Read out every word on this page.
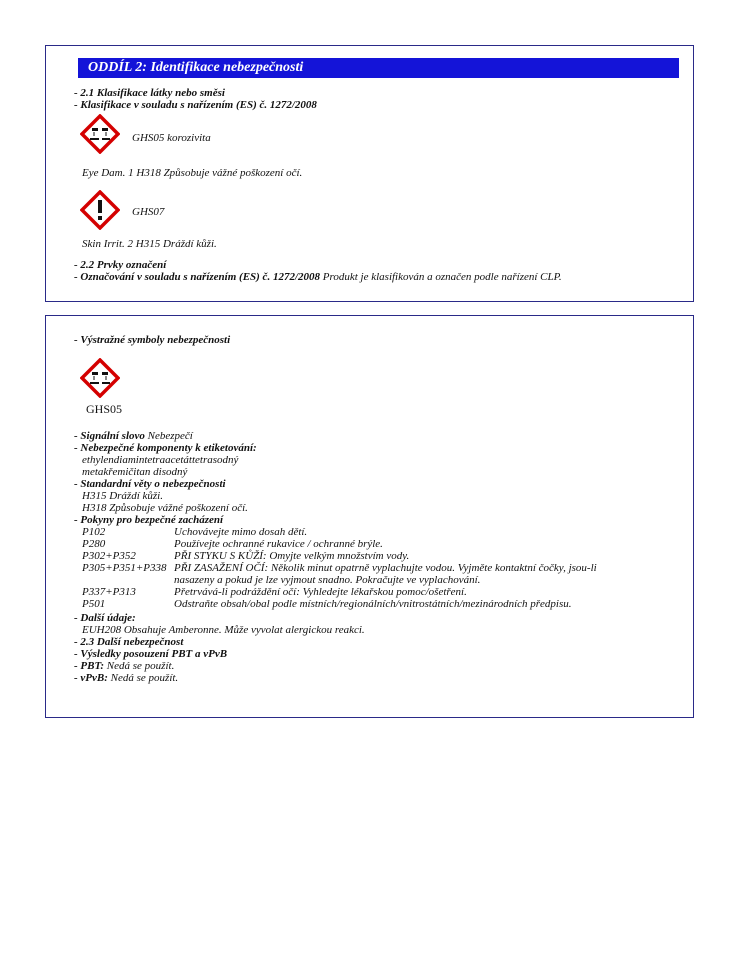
ODDÍL 2: Identifikace nebezpečnosti
- 2.1 Klasifikace látky nebo směsi
- Klasifikace v souladu s nařízením (ES) č. 1272/2008
GHS05 korozivita
Eye Dam. 1 H318 Způsobuje vážné poškození očí.
GHS07
Skin Irrit. 2 H315 Dráždí kůži.
- 2.2 Prvky označení
- Označování v souladu s nařízením (ES) č. 1272/2008 Produkt je klasifikován a označen podle nařízení CLP.
- Výstražné symboly nebezpečnosti
GHS05
- Signální slovo Nebezpečí
- Nebezpečné komponenty k etiketování:
ethylendiamintetraacetáttetrasodný
metakřemičitan disodný
- Standardní věty o nebezpečnosti
H315 Dráždí kůži.
H318 Způsobuje vážné poškození očí.
- Pokyny pro bezpečné zacházení
P102	Uchovávejte mimo dosah dětí.
P280	Používejte ochranné rukavice / ochranné brýle.
P302+P352	PŘI STYKU S KŮŽÍ: Omyjte velkým množstvím vody.
P305+P351+P338 PŘI ZASAŽENÍ OČÍ: Několik minut opatrně vyplachujte vodou. Vyjměte kontaktní čočky, jsou-li
nasazeny a pokud je lze vyjmout snadno. Pokračujte ve vyplachování.
P337+P313	Přetrvává-li podráždění očí: Vyhledejte lékařskou pomoc/ošetření.
P501	Odstraňte obsah/obal podle místních/regionálních/vnitrostátních/mezinárodních předpisu.
- Další údaje:
EUH208 Obsahuje Amberonne. Může vyvolat alergickou reakci.
- 2.3 Další nebezpečnost
- Výsledky posouzení PBT a vPvB
- PBT: Nedá se použít.
- vPvB: Nedá se použít.
